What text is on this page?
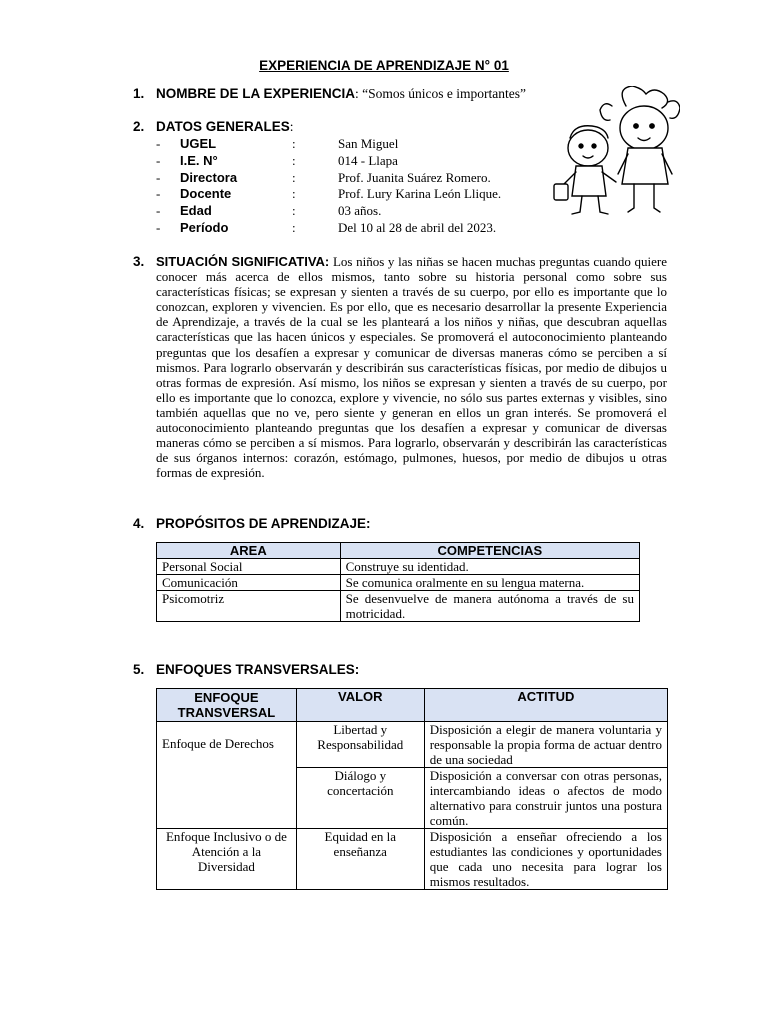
EXPERIENCIA DE APRENDIZAJE N° 01
1. NOMBRE DE LA EXPERIENCIA: “Somos únicos e importantes”
2. DATOS GENERALES:
- UGEL	:	San Miguel
- I.E. N°	:	014 - Llapa
- Directora	:	Prof. Juanita Suárez Romero.
- Docente	:	Prof. Lury Karina León Llique.
- Edad	:	03 años.
- Período	:	Del 10 al 28 de abril del 2023.
3. SITUACIÓN SIGNIFICATIVA: Los niños y las niñas se hacen muchas preguntas cuando quiere conocer más acerca de ellos mismos, tanto sobre su historia personal como sobre sus características físicas; se expresan y sienten a través de su cuerpo, por ello es importante que lo conozcan, exploren y vivencien. Es por ello, que es necesario desarrollar la presente Experiencia de Aprendizaje, a través de la cual se les planteará a los niños y niñas, que descubran aquellas características que las hacen únicos y especiales. Se promoverá el autoconocimiento planteando preguntas que los desafíen a expresar y comunicar de diversas maneras cómo se perciben a sí mismos. Para lograrlo observarán y describirán sus características físicas, por medio de dibujos u otras formas de expresión. Así mismo, los niños se expresan y sienten a través de su cuerpo, por ello es importante que lo conozca, explore y vivencie, no sólo sus partes externas y visibles, sino también aquellas que no ve, pero siente y generan en ellos un gran interés. Se promoverá el autoconocimiento planteando preguntas que los desafíen a expresar y comunicar de diversas maneras cómo se perciben a sí mismos. Para lograrlo, observarán y describirán las características de sus órganos internos: corazón, estómago, pulmones, huesos, por medio de dibujos u otras formas de expresión.
4. PROPÓSITOS DE APRENDIZAJE:
AREA	COMPETENCIAS
Personal Social	Construye su identidad.
Comunicación	Se comunica oralmente en su lengua materna.
Psicomotriz	Se desenvuelve de manera autónoma a través de su motricidad.
5. ENFOQUES TRANSVERSALES:
ENFOQUE TRANSVERSAL	VALOR	ACTITUD
Enfoque de Derechos	Libertad y Responsabilidad	Disposición a elegir de manera voluntaria y responsable la propia forma de actuar dentro de una sociedad
	Diálogo y concertación	Disposición a conversar con otras personas, intercambiando ideas o afectos de modo alternativo para construir juntos una postura común.
Enfoque Inclusivo o de Atención a la Diversidad	Equidad en la enseñanza	Disposición a enseñar ofreciendo a los estudiantes las condiciones y oportunidades que cada uno necesita para lograr los mismos resultados.
